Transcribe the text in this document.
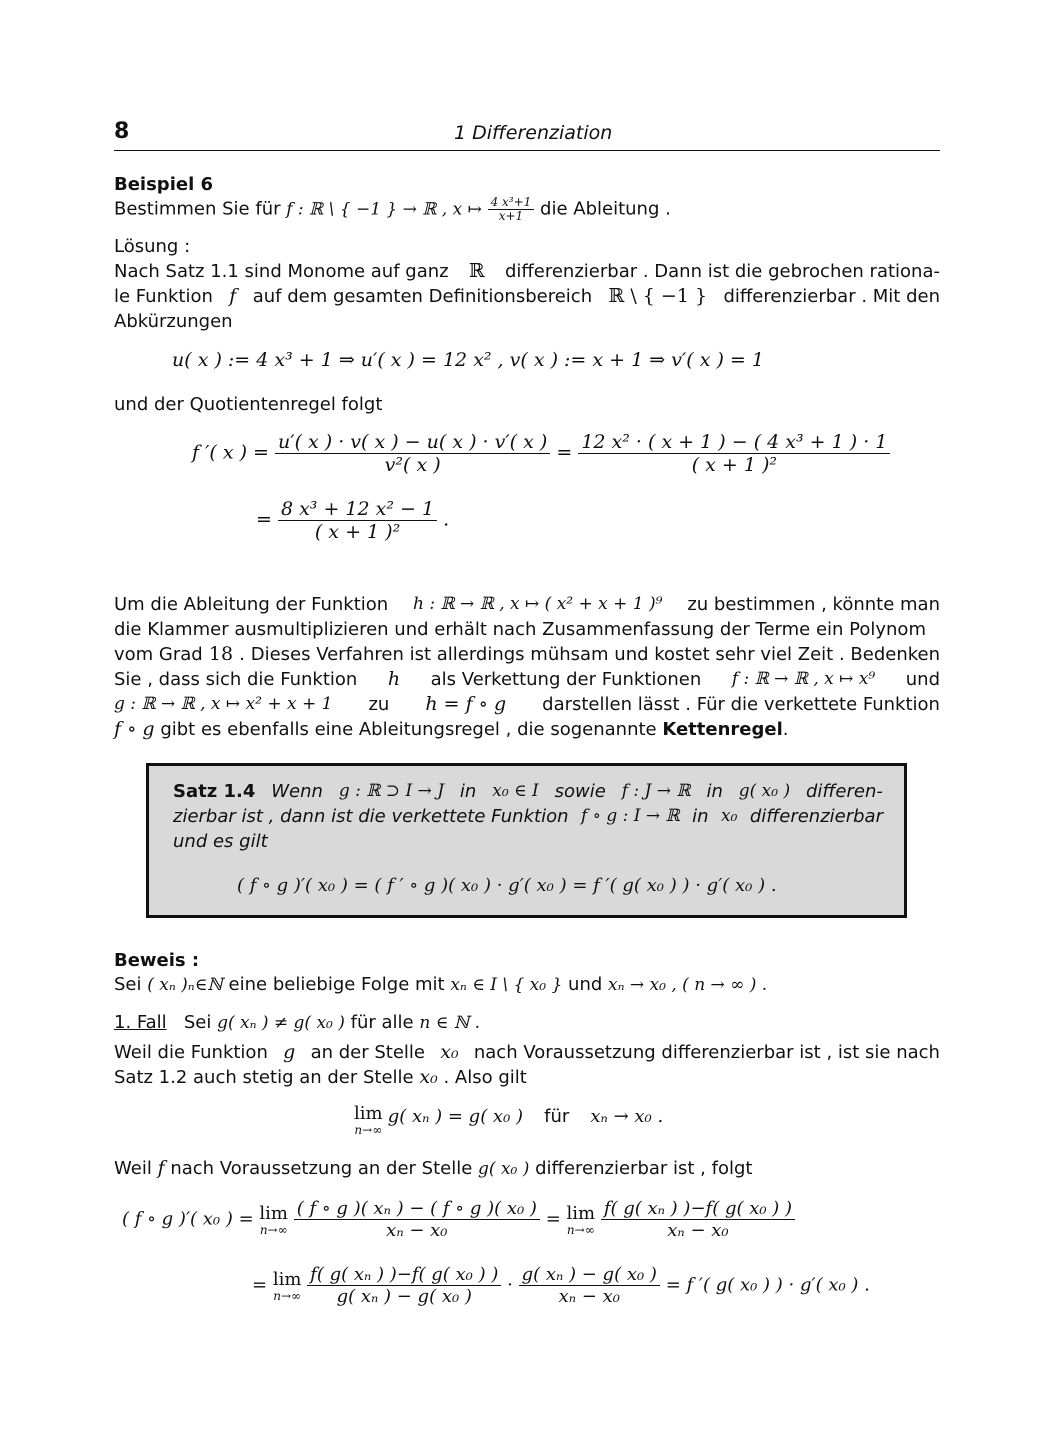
8	1 Differenziation
Beispiel 6
Bestimmen Sie für f : ℝ \ { −1 } → ℝ , x ↦ $\frac{\text{4 x³+1}}{x+1}$ die Ableitung .
Lösung :
Nach Satz 1.1 sind Monome auf ganz ℝ differenzierbar . Dann ist die gebrochen rationa-
le Funktion f auf dem gesamten Definitionsbereich ℝ \ { −1 } differenzierbar . Mit den
Abkürzungen
u( x ) := 4 x³ + 1 ⇒ u′( x ) = 12 x² , v( x ) := x + 1 ⇒ v′( x ) = 1
und der Quotientenregel folgt
f ′( x ) = $\frac{u'( x ) \cdot v( x ) - u( x ) \cdot v'( x )}{\text{v²( x )}} = \frac{\text{12 x² · ( x + 1 ) − ( 4 x³ + 1 ) · 1}}{\text{( x + 1 )²}}$
= $\frac{\text{8 x³ + 12 x² − 1}}{\text{( x + 1 )²}}$ .
Um die Ableitung der Funktion h : ℝ → ℝ , x ↦ ( x² + x + 1 )⁹ zu bestimmen , könnte man
die Klammer ausmultiplizieren und erhält nach Zusammenfassung der Terme ein Polynom
vom Grad 18 . Dieses Verfahren ist allerdings mühsam und kostet sehr viel Zeit . Bedenken
Sie , dass sich die Funktion h als Verkettung der Funktionen f : ℝ → ℝ , x ↦ x⁹ und
g : ℝ → ℝ , x ↦ x² + x + 1 zu h = f ∘ g darstellen lässt . Für die verkettete Funktion
f ∘ g gibt es ebenfalls eine Ableitungsregel , die sogenannte Kettenregel.
Satz 1.4 Wenn g : ℝ ⊃ I → J in x₀ ∈ I sowie f : J → ℝ in g( x₀ ) differen-
zierbar ist , dann ist die verkettete Funktion f ∘ g : I → ℝ in x₀ differenzierbar
und es gilt
( f ∘ g )′( x₀ ) = ( f ′ ∘ g )( x₀ ) · g′( x₀ ) = f ′( g( x₀ ) ) · g′( x₀ ) .
Beweis :
Sei ( xₙ )ₙ∈ℕ eine beliebige Folge mit xₙ ∈ I \ { x₀ } und xₙ → x₀ , ( n → ∞ ) .
1. Fall Sei g( xₙ ) ≠ g( x₀ ) für alle n ∈ ℕ .
Weil die Funktion g an der Stelle x₀ nach Voraussetzung differenzierbar ist , ist sie nach
Satz 1.2 auch stetig an der Stelle x₀ . Also gilt
lim
n→∞
g( xₙ ) = g( x₀ ) für xₙ → x₀ .
Weil f nach Voraussetzung an der Stelle g( x₀ ) differenzierbar ist , folgt
( f ∘ g )′( x₀ ) = lim
n→∞
$\frac{\text{( f ∘ g )( xₙ ) − ( f ∘ g )( x₀ )}}{\text{xₙ − x₀}} = \lim$
n→∞
$\frac{\text{f( g( xₙ ) )−f( g( x₀ ) )}}{\text{xₙ − x₀}}$
= lim
n→∞
$\frac{\text{f( g( xₙ ) )−f( g( x₀ ) )}}{\text{g( xₙ ) − g( x₀ )}} \cdot \frac{\text{g( xₙ ) − g( x₀ )}}{\text{xₙ − x₀}} = f$ ′( g( x₀ ) ) · g′( x₀ ) .
